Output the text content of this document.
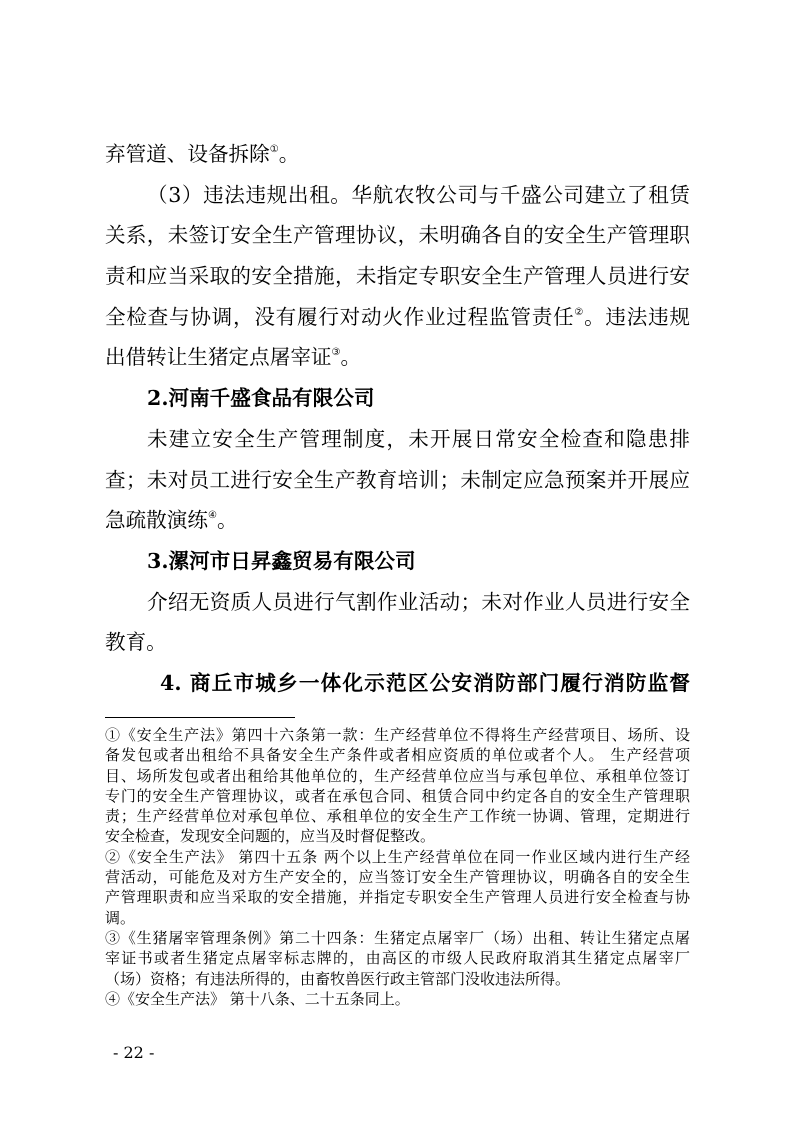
弃管道、设备拆除①。
（3）违法违规出租。华航农牧公司与千盛公司建立了租赁
关系，未签订安全生产管理协议，未明确各自的安全生产管理职
责和应当采取的安全措施，未指定专职安全生产管理人员进行安
全检查与协调，没有履行对动火作业过程监管责任②。违法违规
出借转让生猪定点屠宰证③。
2.河南千盛食品有限公司
未建立安全生产管理制度，未开展日常安全检查和隐患排
查；未对员工进行安全生产教育培训；未制定应急预案并开展应
急疏散演练④。
3.漯河市日昇鑫贸易有限公司
介绍无资质人员进行气割作业活动；未对作业人员进行安全
教育。
4. 商丘市城乡一体化示范区公安消防部门履行消防监督
①《安全生产法》第四十六条第一款：生产经营单位不得将生产经营项目、场所、设
备发包或者出租给不具备安全生产条件或者相应资质的单位或者个人。 生产经营项
目、场所发包或者出租给其他单位的，生产经营单位应当与承包单位、承租单位签订
专门的安全生产管理协议，或者在承包合同、租赁合同中约定各自的安全生产管理职
责；生产经营单位对承包单位、承租单位的安全生产工作统一协调、管理，定期进行
安全检查，发现安全问题的，应当及时督促整改。
②《安全生产法》 第四十五条 两个以上生产经营单位在同一作业区域内进行生产经
营活动，可能危及对方生产安全的，应当签订安全生产管理协议，明确各自的安全生
产管理职责和应当采取的安全措施，并指定专职安全生产管理人员进行安全检查与协
调。
③《生猪屠宰管理条例》第二十四条：生猪定点屠宰厂（场）出租、转让生猪定点屠
宰证书或者生猪定点屠宰标志牌的，由高区的市级人民政府取消其生猪定点屠宰厂
（场）资格；有违法所得的，由畜牧兽医行政主管部门没收违法所得。
④《安全生产法》 第十八条、二十五条同上。
- 22 -
